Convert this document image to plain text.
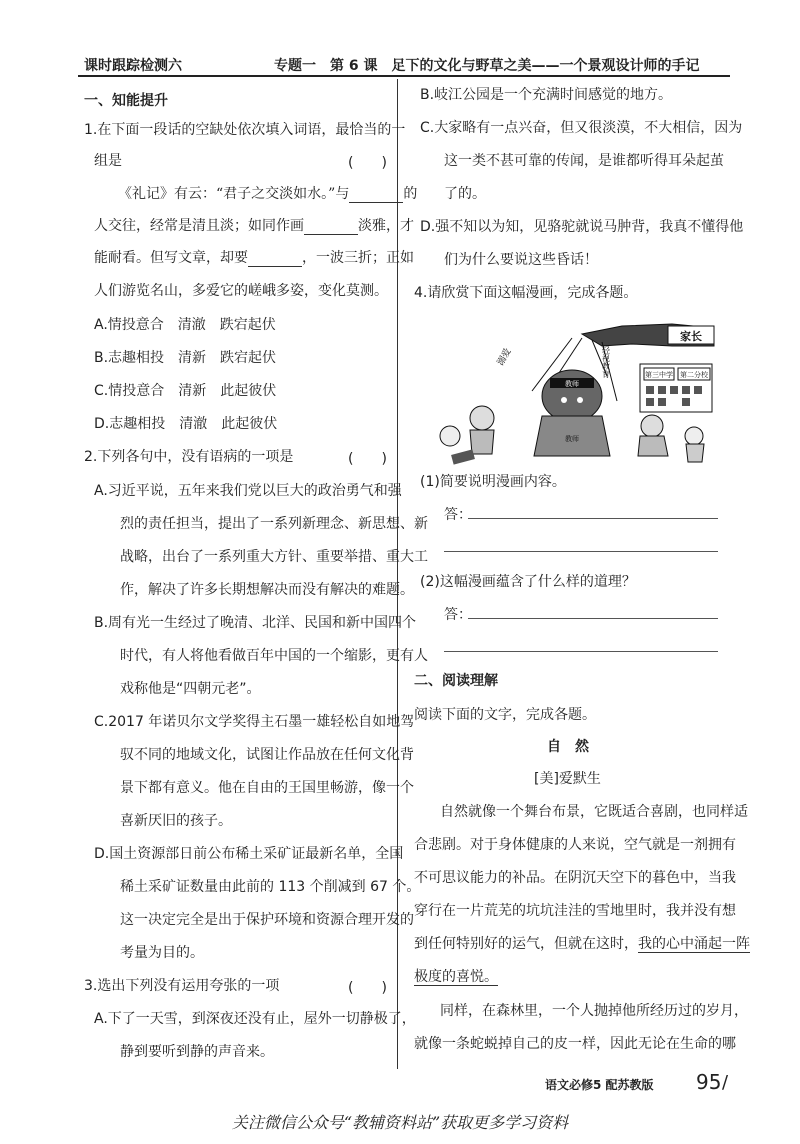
课时跟踪检测六	专题一　第 6 课　足下的文化与野草之美——一个景观设计师的手记
一、知能提升
1.在下面一段话的空缺处依次填入词语，最恰当的一
组是	(　　)
《礼记》有云：“君子之交淡如水。”与	的
人交往，经常是清且淡；如同作画	淡雅，才
能耐看。但写文章，却要	，一波三折；正如
人们游览名山，多爱它的嵯峨多姿，变化莫测。
A.情投意合　清澈　跌宕起伏
B.志趣相投　清新　跌宕起伏
C.情投意合　清新　此起彼伏
D.志趣相投　清澈　此起彼伏
2.下列各句中，没有语病的一项是	(　　)
A.习近平说，五年来我们党以巨大的政治勇气和强
烈的责任担当，提出了一系列新理念、新思想、新
战略，出台了一系列重大方针、重要举措、重大工
作，解决了许多长期想解决而没有解决的难题。
B.周有光一生经过了晚清、北洋、民国和新中国四个
时代，有人将他看做百年中国的一个缩影，更有人
戏称他是“四朝元老”。
C.2017 年诺贝尔文学奖得主石墨一雄轻松自如地驾
驭不同的地域文化，试图让作品放在任何文化背
景下都有意义。他在自由的王国里畅游，像一个
喜新厌旧的孩子。
D.国土资源部日前公布稀土采矿证最新名单，全国
稀土采矿证数量由此前的 113 个削减到 67 个。
这一决定完全是出于保护环境和资源合理开发的
考量为目的。
3.选出下列没有运用夸张的一项	(　　)
A.下了一天雪，到深夜还没有止，屋外一切静极了，
静到要听到静的声音来。
B.岐江公园是一个充满时间感觉的地方。
C.大家略有一点兴奋，但又很淡漠，不大相信，因为
这一类不甚可靠的传闻，是谁都听得耳朵起茧
了的。
D.强不知以为知，见骆驼就说马肿背，我真不懂得他
们为什么要说这些昏话！
4.请欣赏下面这幅漫画，完成各题。
家长
第三中学 第二分校
教师
溺爱	轻视教育
教师
(1)简要说明漫画内容。
答：
(2)这幅漫画蕴含了什么样的道理？
答：
二、阅读理解
阅读下面的文字，完成各题。
自　然
[美]爱默生
自然就像一个舞台布景，它既适合喜剧，也同样适
合悲剧。对于身体健康的人来说，空气就是一剂拥有
不可思议能力的补品。在阴沉天空下的暮色中，当我
穿行在一片荒芜的坑坑洼洼的雪地里时，我并没有想
到任何特别好的运气，但就在这时，我的心中涌起一阵
极度的喜悦。
同样，在森林里，一个人抛掉他所经历过的岁月，
就像一条蛇蜕掉自己的皮一样，因此无论在生命的哪
语文必修5 配苏教版 95 /
关注微信公众号“教辅资料站”获取更多学习资料
